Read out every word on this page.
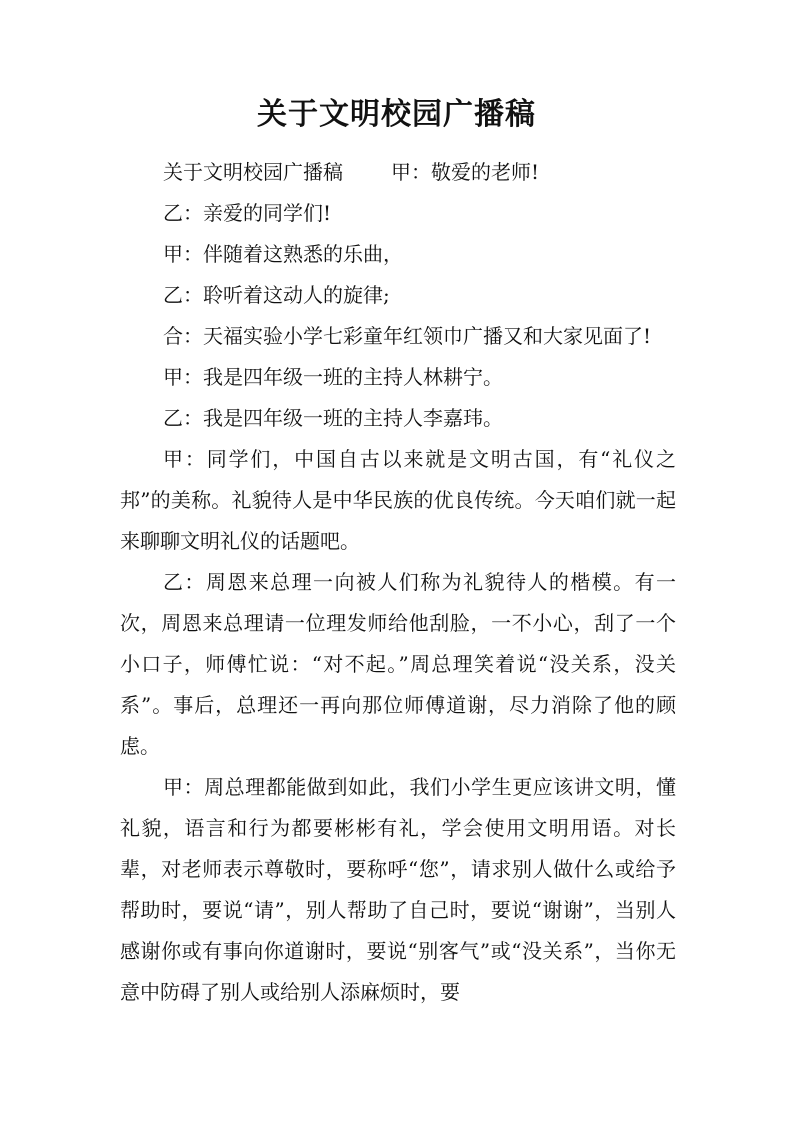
关于文明校园广播稿

关于文明校园广播稿 甲：敬爱的老师!

乙：亲爱的同学们!

甲：伴随着这熟悉的乐曲，

乙：聆听着这动人的旋律;

合：天福实验小学七彩童年红领巾广播又和大家见面了!

甲：我是四年级一班的主持人林耕宁。

乙：我是四年级一班的主持人李嘉玮。

甲：同学们，中国自古以来就是文明古国，有“礼仪之邦”的美称。礼貌待人是中华民族的优良传统。今天咱们就一起来聊聊文明礼仪的话题吧。

乙：周恩来总理一向被人们称为礼貌待人的楷模。有一次，周恩来总理请一位理发师给他刮脸，一不小心，刮了一个小口子，师傅忙说：“对不起。”周总理笑着说“没关系，没关系”。事后，总理还一再向那位师傅道谢，尽力消除了他的顾虑。

甲：周总理都能做到如此，我们小学生更应该讲文明，懂礼貌，语言和行为都要彬彬有礼，学会使用文明用语。对长辈，对老师表示尊敬时，要称呼“您”，请求别人做什么或给予帮助时，要说“请”，别人帮助了自己时，要说“谢谢”，当别人感谢你或有事向你道谢时，要说“别客气”或“没关系”，当你无意中防碍了别人或给别人添麻烦时，要
